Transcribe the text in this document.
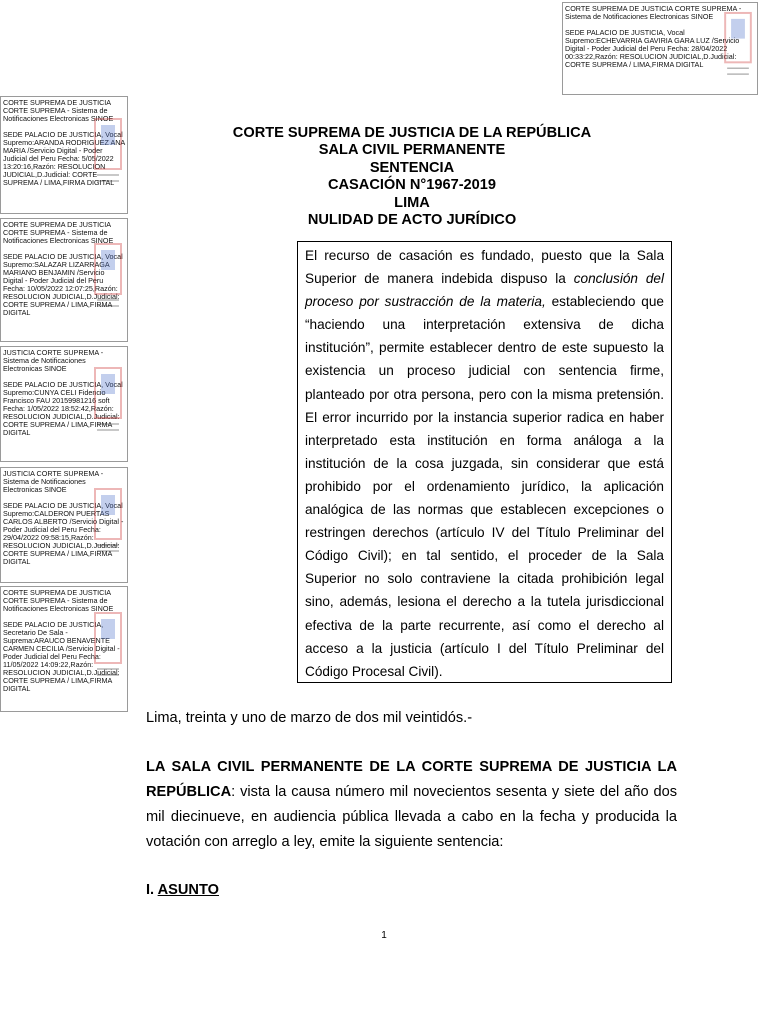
CORTE SUPREMA DE JUSTICIA CORTE SUPREMA - Sistema de Notificaciones Electronicas SINOE
SEDE PALACIO DE JUSTICIA, Vocal Supremo:ECHEVARRIA GAVIRIA GARA LUZ /Servicio Digital - Poder Judicial del Peru Fecha: 28/04/2022 00:33:22,Razón: RESOLUCION JUDICIAL,D.Judicial: CORTE SUPREMA / LIMA,FIRMA DIGITAL
CORTE SUPREMA DE JUSTICIA CORTE SUPREMA - Sistema de Notificaciones Electronicas SINOE
SEDE PALACIO DE JUSTICIA, Vocal Supremo:ARANDA RODRIGUEZ ANA MARIA /Servicio Digital - Poder Judicial del Peru Fecha: 5/05/2022 13:20:16,Razón: RESOLUCION JUDICIAL,D.Judicial: CORTE SUPREMA / LIMA,FIRMA DIGITAL
CORTE SUPREMA DE JUSTICIA CORTE SUPREMA - Sistema de Notificaciones Electronicas SINOE
SEDE PALACIO DE JUSTICIA, Vocal Supremo:SALAZAR LIZARRAGA MARIANO BENJAMIN /Servicio Digital - Poder Judicial del Peru Fecha: 10/05/2022 12:07:25,Razón: RESOLUCION JUDICIAL,D.Judicial: CORTE SUPREMA / LIMA,FIRMA DIGITAL
JUSTICIA CORTE SUPREMA - Sistema de Notificaciones Electronicas SINOE
SEDE PALACIO DE JUSTICIA, Vocal Supremo:CUNYA CELI Fidencio Francisco FAU 20159981216 soft Fecha: 1/05/2022 18:52:42,Razón: RESOLUCION JUDICIAL,D.Judicial: CORTE SUPREMA / LIMA,FIRMA DIGITAL
JUSTICIA CORTE SUPREMA - Sistema de Notificaciones Electronicas SINOE
SEDE PALACIO DE JUSTICIA, Vocal Supremo:CALDERON PUERTAS CARLOS ALBERTO /Servicio Digital - Poder Judicial del Peru Fecha: 29/04/2022 09:58:15,Razón: RESOLUCION JUDICIAL,D.Judicial: CORTE SUPREMA / LIMA,FIRMA DIGITAL
CORTE SUPREMA DE JUSTICIA CORTE SUPREMA - Sistema de Notificaciones Electronicas SINOE
SEDE PALACIO DE JUSTICIA, Secretario De Sala - Suprema:ARAUCO BENAVENTE CARMEN CECILIA /Servicio Digital - Poder Judicial del Peru Fecha: 11/05/2022 14:09:22,Razón: RESOLUCION JUDICIAL,D.Judicial: CORTE SUPREMA / LIMA,FIRMA DIGITAL
CORTE SUPREMA DE JUSTICIA DE LA REPÚBLICA
SALA CIVIL PERMANENTE
SENTENCIA
CASACIÓN N°1967-2019
LIMA
NULIDAD DE ACTO JURÍDICO
El recurso de casación es fundado, puesto que la Sala Superior de manera indebida dispuso la conclusión del proceso por sustracción de la materia, estableciendo que “haciendo una interpretación extensiva de dicha institución”, permite establecer dentro de este supuesto la existencia un proceso judicial con sentencia firme, planteado por otra persona, pero con la misma pretensión. El error incurrido por la instancia superior radica en haber interpretado esta institución en forma análoga a la institución de la cosa juzgada, sin considerar que está prohibido por el ordenamiento jurídico, la aplicación analógica de las normas que establecen excepciones o restringen derechos (artículo IV del Título Preliminar del Código Civil); en tal sentido, el proceder de la Sala Superior no solo contraviene la citada prohibición legal sino, además, lesiona el derecho a la tutela jurisdiccional efectiva de la parte recurrente, así como el derecho al acceso a la justicia (artículo I del Título Preliminar del Código Procesal Civil).
Lima, treinta y uno de marzo de dos mil veintidós.-
LA SALA CIVIL PERMANENTE DE LA CORTE SUPREMA DE JUSTICIA LA REPÚBLICA: vista la causa número mil novecientos sesenta y siete del año dos mil diecinueve, en audiencia pública llevada a cabo en la fecha y producida la votación con arreglo a ley, emite la siguiente sentencia:
I. ASUNTO
1
